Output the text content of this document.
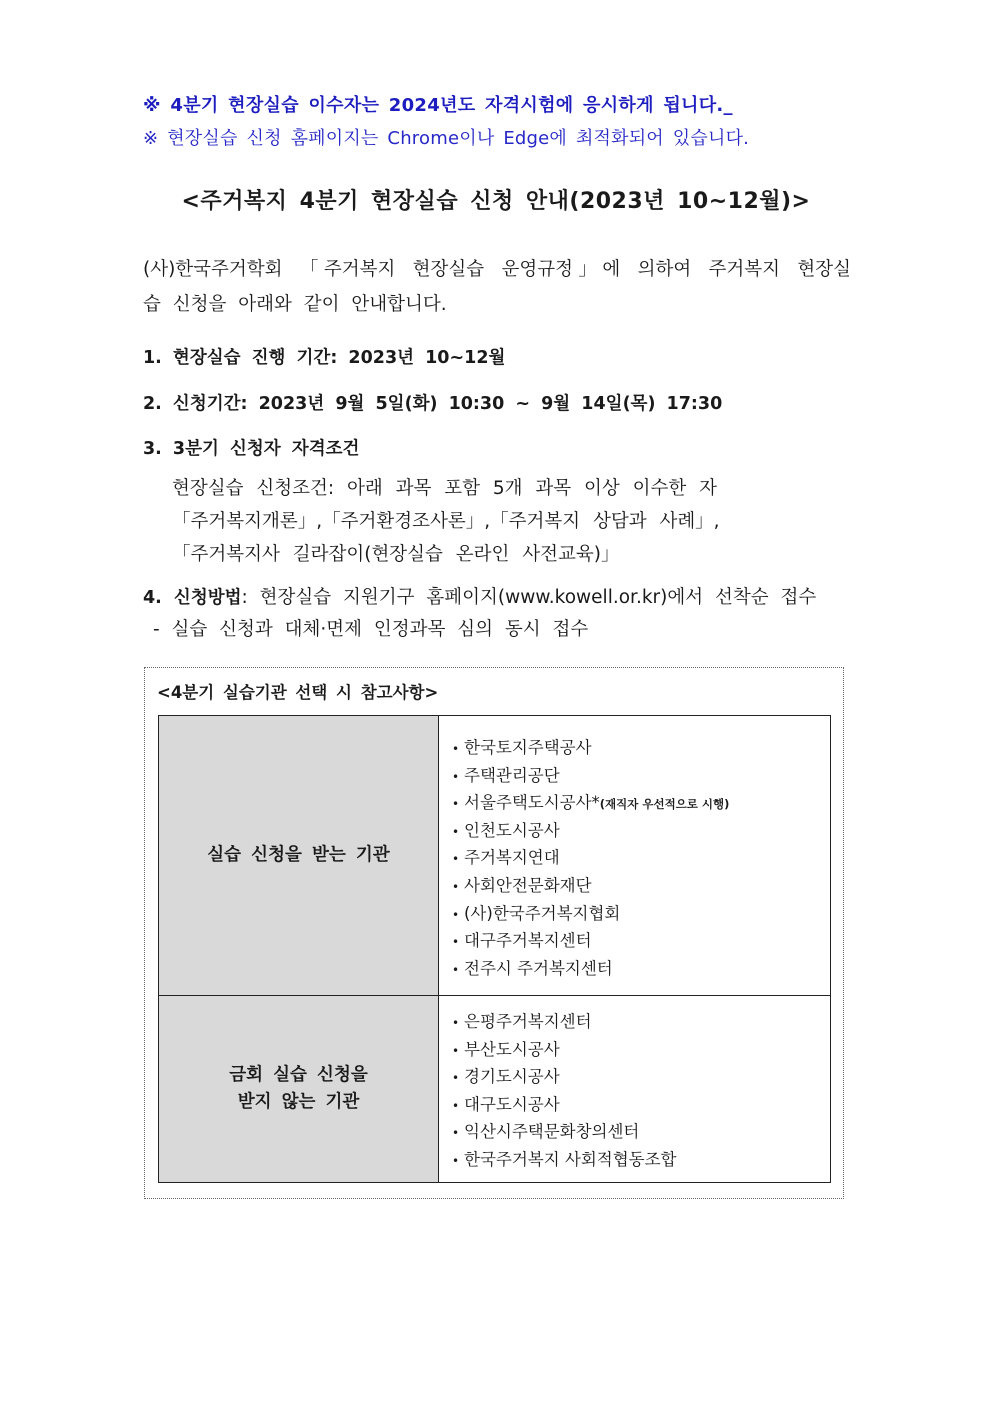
※ 4분기 현장실습 이수자는 2024년도 자격시험에 응시하게 됩니다._
※ 현장실습 신청 홈페이지는 Chrome이나 Edge에 최적화되어 있습니다.
<주거복지 4분기 현장실습 신청 안내(2023년 10~12월)>
(사)한국주거학회 「주거복지 현장실습 운영규정」에 의하여 주거복지 현장실
습 신청을 아래와 같이 안내합니다.
1. 현장실습 진행 기간: 2023년 10~12월
2. 신청기간: 2023년 9월 5일(화) 10:30 ~ 9월 14일(목) 17:30
3. 3분기 신청자 자격조건
현장실습 신청조건: 아래 과목 포함 5개 과목 이상 이수한 자
「주거복지개론」,「주거환경조사론」,「주거복지 상담과 사례」,
「주거복지사 길라잡이(현장실습 온라인 사전교육)」
4. 신청방법: 현장실습 지원기구 홈페이지(www.kowell.or.kr)에서 선착순 접수
- 실습 신청과 대체·면제 인정과목 심의 동시 접수
<4분기 실습기관 선택 시 참고사항>
실습 신청을 받는 기관
• 한국토지주택공사
• 주택관리공단
• 서울주택도시공사*(재직자 우선적으로 시행)
• 인천도시공사
• 주거복지연대
• 사회안전문화재단
• (사)한국주거복지협회
• 대구주거복지센터
• 전주시 주거복지센터
금회 실습 신청을
받지 않는 기관
• 은평주거복지센터
• 부산도시공사
• 경기도시공사
• 대구도시공사
• 익산시주택문화창의센터
• 한국주거복지 사회적협동조합
